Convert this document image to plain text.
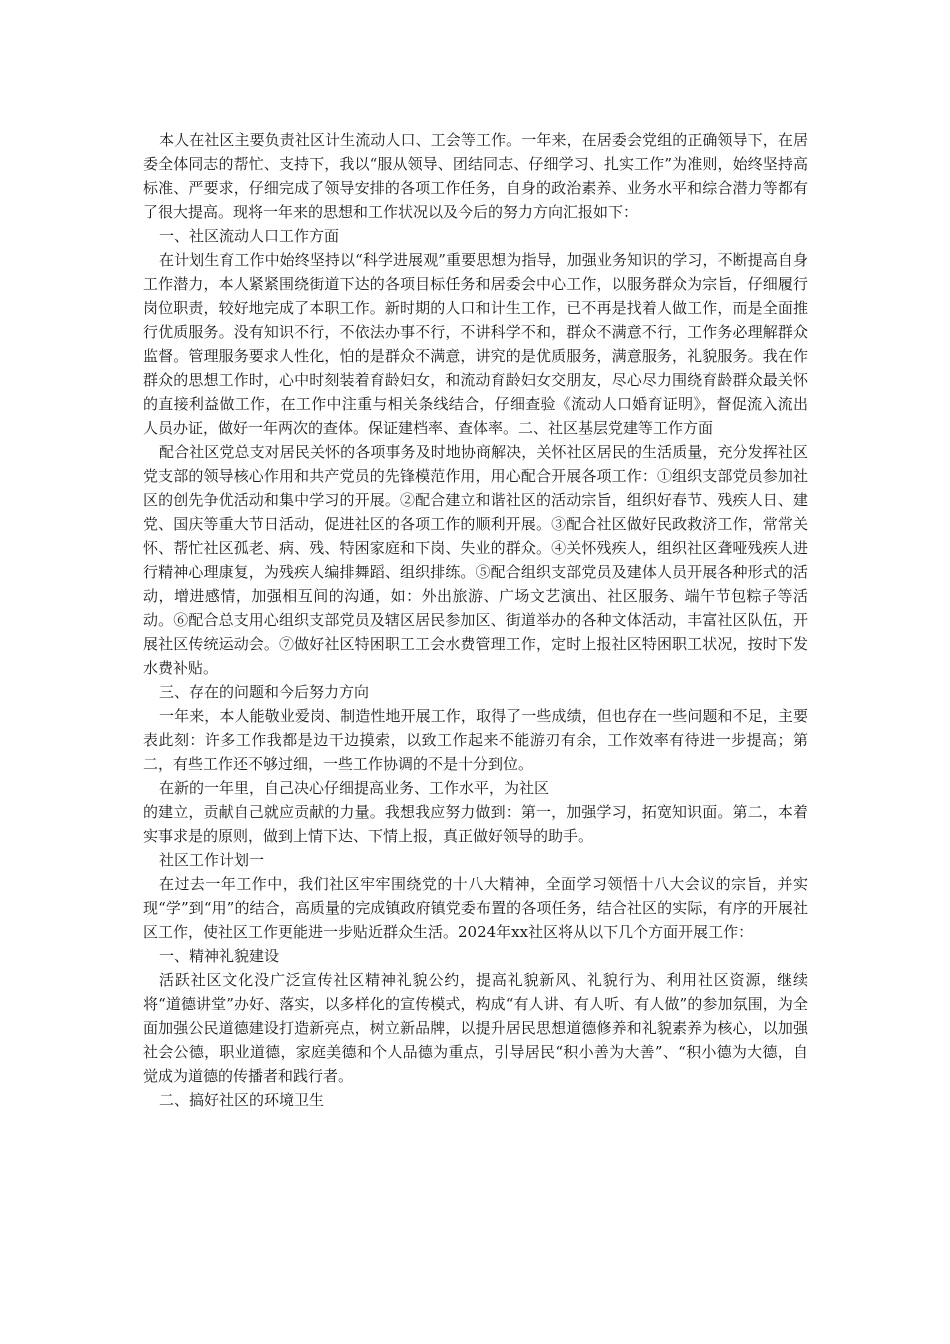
本人在社区主要负责社区计生流动人口、工会等工作。一年来，在居委会党组的正确领导下，在居委全体同志的帮忙、支持下，我以“服从领导、团结同志、仔细学习、扎实工作”为准则，始终坚持高标准、严要求，仔细完成了领导安排的各项工作任务，自身的政治素养、业务水平和综合潜力等都有了很大提高。现将一年来的思想和工作状况以及今后的努力方向汇报如下：

一、社区流动人口工作方面

在计划生育工作中始终坚持以“科学进展观”重要思想为指导，加强业务知识的学习，不断提高自身工作潜力，本人紧紧围绕街道下达的各项目标任务和居委会中心工作，以服务群众为宗旨，仔细履行岗位职责，较好地完成了本职工作。新时期的人口和计生工作，已不再是找着人做工作，而是全面推行优质服务。没有知识不行，不依法办事不行，不讲科学不和，群众不满意不行，工作务必理解群众监督。管理服务要求人性化，怕的是群众不满意，讲究的是优质服务，满意服务，礼貌服务。我在作群众的思想工作时，心中时刻装着育龄妇女，和流动育龄妇女交朋友，尽心尽力围绕育龄群众最关怀的直接利益做工作，在工作中注重与相关条线结合，仔细查验《流动人口婚育证明》，督促流入流出人员办证，做好一年两次的查体。保证建档率、查体率。二、社区基层党建等工作方面

配合社区党总支对居民关怀的各项事务及时地协商解决，关怀社区居民的生活质量，充分发挥社区党支部的领导核心作用和共产党员的先锋模范作用，用心配合开展各项工作：①组织支部党员参加社区的创先争优活动和集中学习的开展。②配合建立和谐社区的活动宗旨，组织好春节、残疾人日、建党、国庆等重大节日活动，促进社区的各项工作的顺利开展。③配合社区做好民政救济工作，常常关怀、帮忙社区孤老、病、残、特困家庭和下岗、失业的群众。④关怀残疾人，组织社区聋哑残疾人进行精神心理康复，为残疾人编排舞蹈、组织排练。⑤配合组织支部党员及建体人员开展各种形式的活动，增进感情，加强相互间的沟通，如：外出旅游、广场文艺演出、社区服务、端午节包粽子等活动。⑥配合总支用心组织支部党员及辖区居民参加区、街道举办的各种文体活动，丰富社区队伍，开展社区传统运动会。⑦做好社区特困职工工会水费管理工作，定时上报社区特困职工状况，按时下发水费补贴。

三、存在的问题和今后努力方向

一年来，本人能敬业爱岗、制造性地开展工作，取得了一些成绩，但也存在一些问题和不足，主要表此刻：许多工作我都是边干边摸索，以致工作起来不能游刃有余，工作效率有待进一步提高；第二，有些工作还不够过细，一些工作协调的不是十分到位。

在新的一年里，自己决心仔细提高业务、工作水平，为社区

的建立，贡献自己就应贡献的力量。我想我应努力做到：第一，加强学习，拓宽知识面。第二，本着实事求是的原则，做到上情下达、下情上报，真正做好领导的助手。

社区工作计划一

在过去一年工作中，我们社区牢牢围绕党的十八大精神，全面学习领悟十八大会议的宗旨，并实现“学”到“用”的结合，高质量的完成镇政府镇党委布置的各项任务，结合社区的实际，有序的开展社区工作，使社区工作更能进一步贴近群众生活。2024年xx社区将从以下几个方面开展工作：

一、精神礼貌建设

活跃社区文化没广泛宣传社区精神礼貌公约，提高礼貌新风、礼貌行为、利用社区资源，继续将“道德讲堂”办好、落实，以多样化的宣传模式，构成“有人讲、有人听、有人做”的参加氛围，为全面加强公民道德建设打造新亮点，树立新品牌，以提升居民思想道德修养和礼貌素养为核心，以加强社会公德，职业道德，家庭美德和个人品德为重点，引导居民“积小善为大善”、“积小德为大德，自觉成为道德的传播者和践行者。

二、搞好社区的环境卫生
